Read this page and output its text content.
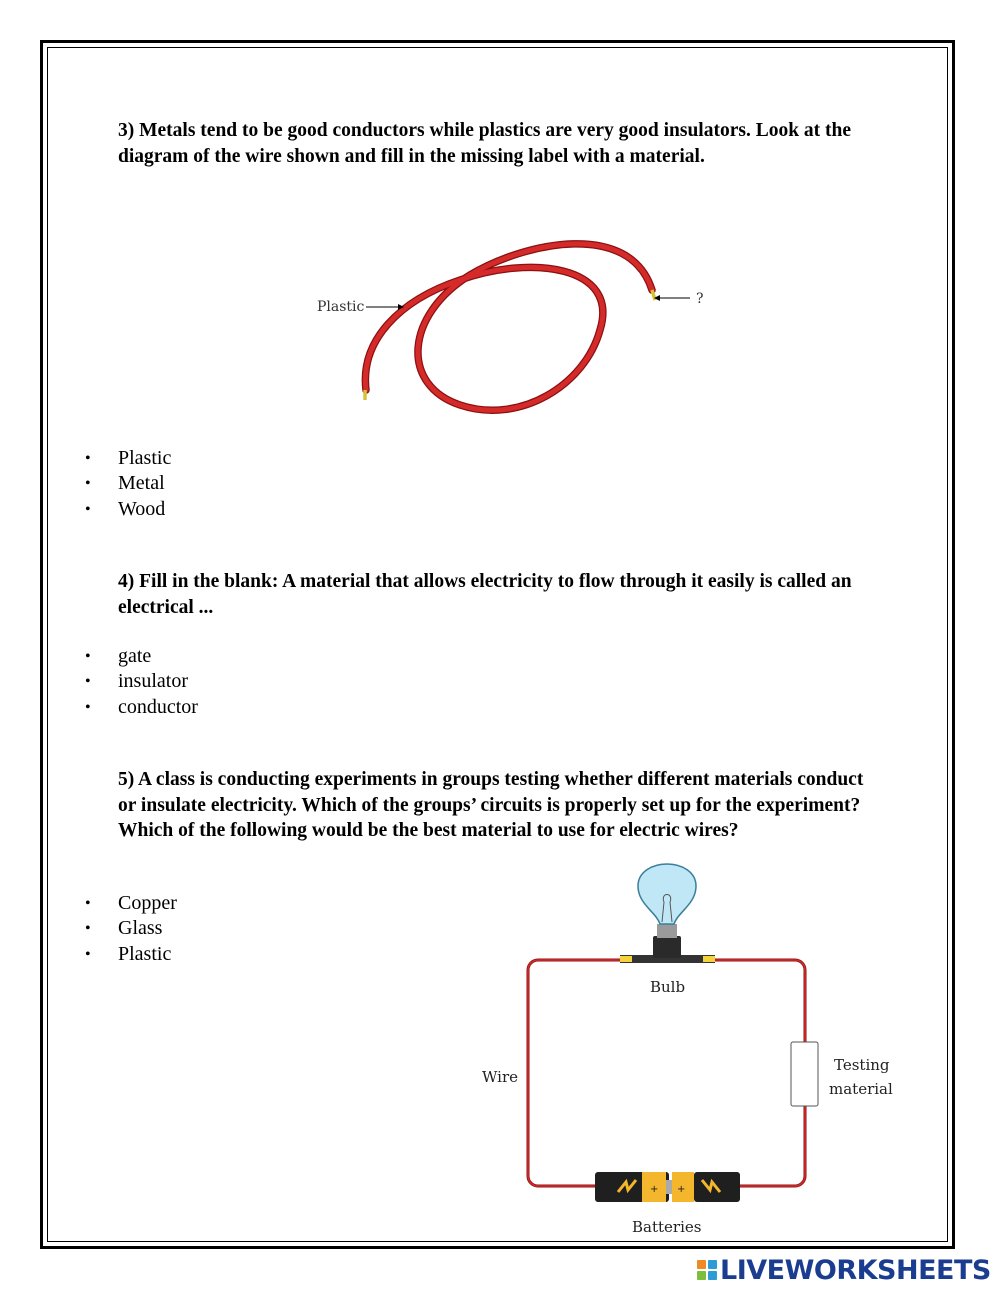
3) Metals tend to be good conductors while plastics are very good insulators. Look at the diagram of the wire shown and fill in the missing label with a material.

Plastic	?
• Plastic
• Metal
• Wood

4) Fill in the blank: A material that allows electricity to flow through it easily is called an electrical ...

• gate
• insulator
• conductor

5) A class is conducting experiments in groups testing whether different materials conduct or insulate electricity. Which of the groups’ circuits is properly set up for the experiment? Which of the following would be the best material to use for electric wires?

• Copper
• Glass
• Plastic
Bulb
Wire
Testing
material
+ +
Batteries
LIVEWORKSHEETS
